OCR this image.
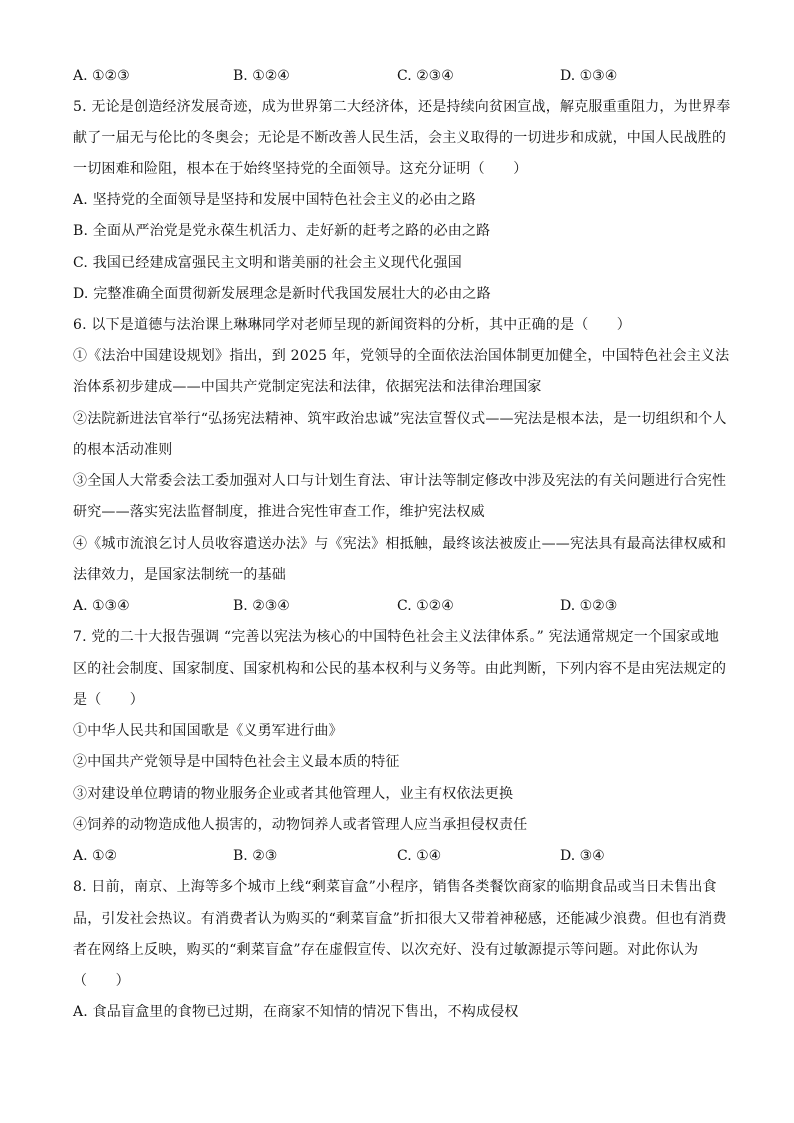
A. ①②③	B. ①②④	C. ②③④	D. ①③④
5. 无论是创造经济发展奇迹，成为世界第二大经济体，还是持续向贫困宣战，解克服重重阻力，为世界奉
献了一届无与伦比的冬奥会；无论是不断改善人民生活，会主义取得的一切进步和成就，中国人民战胜的
一切困难和险阻，根本在于始终坚持党的全面领导。这充分证明（　　）
A. 坚持党的全面领导是坚持和发展中国特色社会主义的必由之路
B. 全面从严治党是党永葆生机活力、走好新的赶考之路的必由之路
C. 我国已经建成富强民主文明和谐美丽的社会主义现代化强国
D. 完整准确全面贯彻新发展理念是新时代我国发展壮大的必由之路
6. 以下是道德与法治课上琳琳同学对老师呈现的新闻资料的分析，其中正确的是（　　）
①《法治中国建设规划》指出，到 2025 年，党领导的全面依法治国体制更加健全，中国特色社会主义法
治体系初步建成——中国共产党制定宪法和法律，依据宪法和法律治理国家
②法院新进法官举行“弘扬宪法精神、筑牢政治忠诚”宪法宣誓仪式——宪法是根本法，是一切组织和个人
的根本活动准则
③全国人大常委会法工委加强对人口与计划生育法、审计法等制定修改中涉及宪法的有关问题进行合宪性
研究——落实宪法监督制度，推进合宪性审查工作，维护宪法权威
④《城市流浪乞讨人员收容遣送办法》与《宪法》相抵触，最终该法被废止——宪法具有最高法律权威和
法律效力，是国家法制统一的基础
A. ①③④	B. ②③④	C. ①②④	D. ①②③
7. 党的二十大报告强调 “完善以宪法为核心的中国特色社会主义法律体系。” 宪法通常规定一个国家或地
区的社会制度、国家制度、国家机构和公民的基本权利与义务等。由此判断，下列内容不是由宪法规定的
是（　　）
①中华人民共和国国歌是《义勇军进行曲》
②中国共产党领导是中国特色社会主义最本质的特征
③对建设单位聘请的物业服务企业或者其他管理人，业主有权依法更换
④饲养的动物造成他人损害的，动物饲养人或者管理人应当承担侵权责任
A. ①②	B. ②③	C. ①④	D. ③④
8. 日前，南京、上海等多个城市上线“剩菜盲盒”小程序，销售各类餐饮商家的临期食品或当日未售出食
品，引发社会热议。有消费者认为购买的“剩菜盲盒”折扣很大又带着神秘感，还能减少浪费。但也有消费
者在网络上反映，购买的“剩菜盲盒”存在虚假宣传、以次充好、没有过敏源提示等问题。对此你认为
（　　）
A. 食品盲盒里的食物已过期，在商家不知情的情况下售出，不构成侵权
